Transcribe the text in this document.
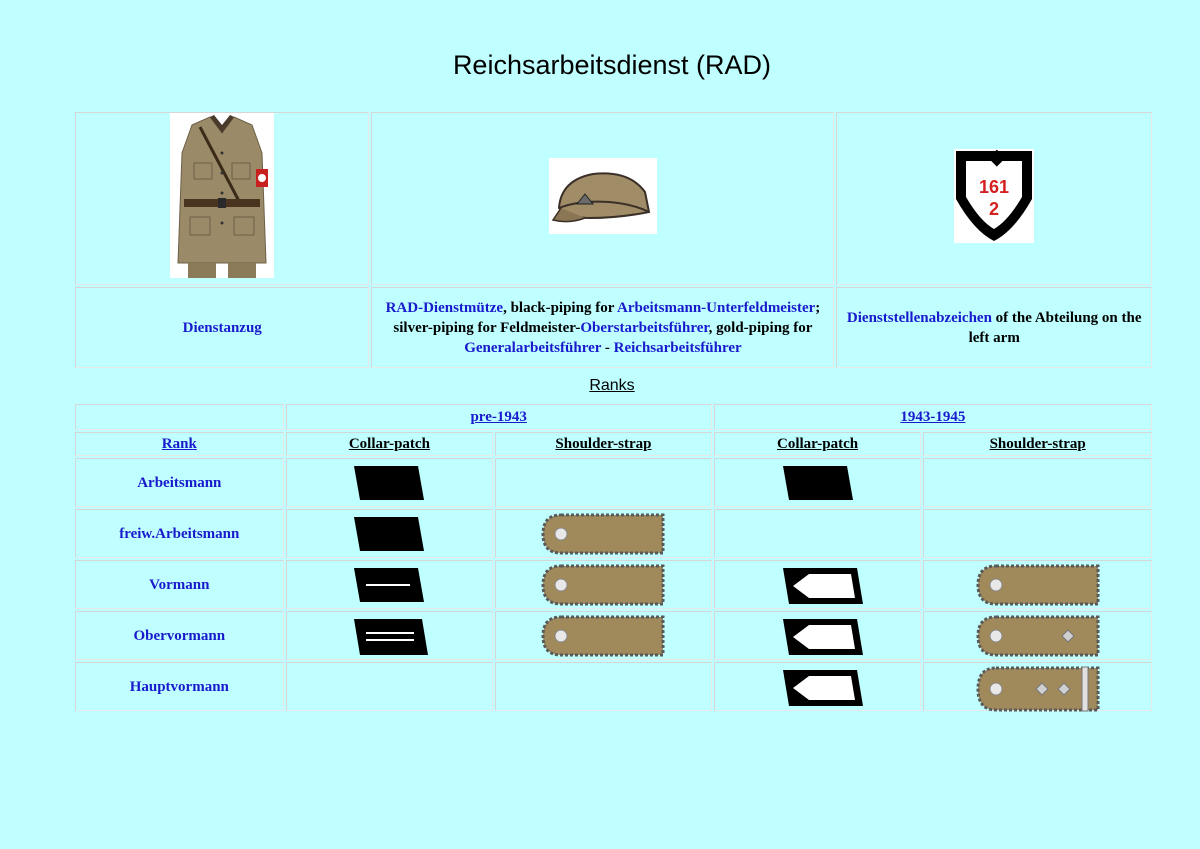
Reichsarbeitsdienst (RAD)

161
2

Dienstanzug	RAD-Dienstmütze, black-piping for Arbeitsmann-Unterfeldmeister; silver-piping for Feldmeister-Oberstarbeitsführer, gold-piping for Generalarbeitsführer - Reichsarbeitsführer	Dienststellenabzeichen of the Abteilung on the left arm
Ranks
	pre-1943		1943-1945	
Rank	Collar-patch	Shoulder-strap	Collar-patch	Shoulder-strap
Arbeitsmann	

freiw.Arbeitsmann	

Vormann	

Obervormann	

Hauptvormann			
